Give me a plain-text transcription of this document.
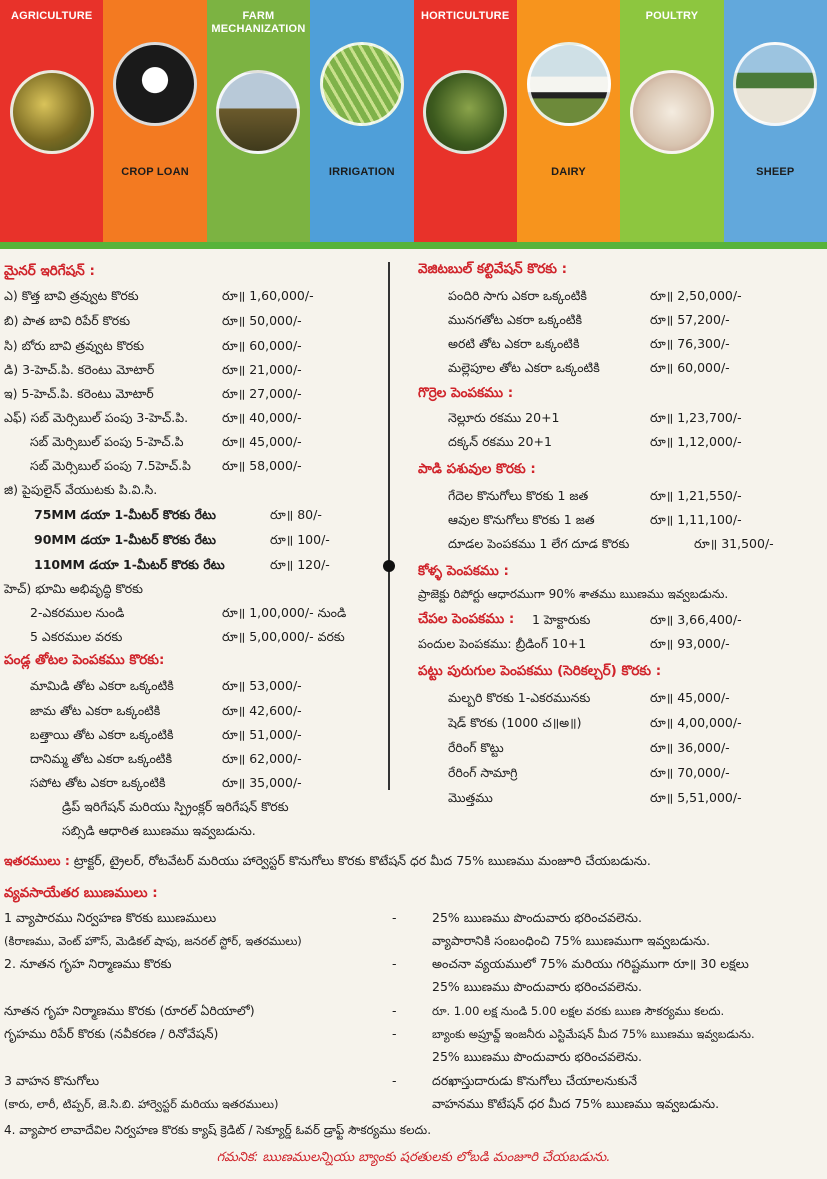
AGRICULTURE
CROP LOAN
FARM MECHANIZATION
IRRIGATION
HORTICULTURE
DAIRY
POULTRY
SHEEP
మైనర్ ఇరిగేషన్ :
ఎ) కొత్త బావి త్రవ్వుట కొరకు	రూ॥ 1,60,000/-
బి) పాత బావి రిపేర్ కొరకు	రూ॥ 50,000/-
సి) బోరు బావి త్రవ్వుట కొరకు	రూ॥ 60,000/-
డి) 3-హెచ్.పి. కరెంటు మోటార్	రూ॥ 21,000/-
ఇ) 5-హెచ్.పి. కరెంటు మోటార్	రూ॥ 27,000/-
ఎఫ్) సబ్ మెర్సిబుల్ పంపు 3-హెచ్.పి.	రూ॥ 40,000/-
సబ్ మెర్సిబుల్ పంపు 5-హెచ్.పి	రూ॥ 45,000/-
సబ్ మెర్సిబుల్ పంపు 7.5హెచ్.పి రూ॥ 58,000/-
జి) పైపులైన్ వేయుటకు పి.వి.సి.
75MM డయా 1-మీటర్ కొరకు రేటు	రూ॥ 80/-
90MM డయా 1-మీటర్ కొరకు రేటు	రూ॥ 100/-
110MM డయా 1-మీటర్ కొరకు రేటు	రూ॥ 120/-
హెచ్) భూమి అభివృద్ధి కొరకు
2-ఎకరముల నుండి	రూ॥ 1,00,000/- నుండి
5 ఎకరముల వరకు	రూ॥ 5,00,000/- వరకు
పండ్ల తోటల పెంపకము కొరకు:
మామిడి తోట ఎకరా ఒక్కంటికి	రూ॥ 53,000/-
జామ తోట ఎకరా ఒక్కంటికి	రూ॥ 42,600/-
బత్తాయి తోట ఎకరా ఒక్కంటికి	రూ॥ 51,000/-
దానిమ్మ తోట ఎకరా ఒక్కంటికి	రూ॥ 62,000/-
సపోట తోట ఎకరా ఒక్కంటికి	రూ॥ 35,000/-
డ్రిప్ ఇరిగేషన్ మరియు స్ప్రింక్లర్ ఇరిగేషన్ కొరకు
సబ్సిడి ఆధారిత ఋణము ఇవ్వబడును.
వెజిటబుల్ కల్టివేషన్ కొరకు :
పందిరి సాగు ఎకరా ఒక్కంటికి	రూ॥ 2,50,000/-
మునగతోట ఎకరా ఒక్కంటికి	రూ॥ 57,200/-
అరటి తోట ఎకరా ఒక్కంటికి	రూ॥ 76,300/-
మల్లెపూల తోట ఎకరా ఒక్కంటికి	రూ॥ 60,000/-
గొర్రెల పెంపకము :
నెల్లూరు రకము 20+1	రూ॥ 1,23,700/-
దక్కన్ రకము 20+1	రూ॥ 1,12,000/-
పాడి పశువుల కొరకు :
గేదెల కొనుగోలు కొరకు 1 జత	రూ॥ 1,21,550/-
ఆవుల కొనుగోలు కొరకు 1 జత	రూ॥ 1,11,100/-
దూడల పెంపకము 1 లేగ దూడ కొరకు	రూ॥ 31,500/-
కోళ్ళ పెంపకము :
ప్రాజెక్టు రిపోర్టు ఆధారముగా 90% శాతము ఋణము ఇవ్వబడును.
చేపల పెంపకము : 1 హెక్టారుకు	రూ॥ 3,66,400/-
పందుల పెంపకము: బ్రీడింగ్ 10+1	రూ॥ 93,000/-
పట్టు పురుగుల పెంపకము (సెరికల్చర్) కొరకు :
మల్బరి కొరకు 1-ఎకరమునకు	రూ॥ 45,000/-
షెడ్ కొరకు (1000 చ॥అ॥)	రూ॥ 4,00,000/-
రేరింగ్ కొట్టు	రూ॥ 36,000/-
రేరింగ్ సామాగ్రి	రూ॥ 70,000/-
మొత్తము	రూ॥ 5,51,000/-
ఇతరములు : ట్రాక్టర్, ట్రైలర్, రోటవేటర్ మరియు హార్వెస్టర్ కొనుగోలు కొరకు కొటేషన్ ధర మీద 75% ఋణము మంజూరి చేయబడును.
వ్యవసాయేతర ఋణములు :
1 వ్యాపారము నిర్వహణ కొరకు ఋణములు	-	25% ఋణము పొందువారు భరించవలెను.
(కిరాణము, వెంట్ హౌస్, మెడికల్ షాపు, జనరల్ స్టోర్, ఇతరములు)	వ్యాపారానికి సంబంధించి 75% ఋణముగా ఇవ్వబడును.
2. నూతన గృహ నిర్మాణము కొరకు	-	అంచనా వ్యయములో 75% మరియు గరిష్టముగా రూ॥ 30 లక్షలు
25% ఋణము పొందువారు భరించవలెను.
నూతన గృహ నిర్మాణము కొరకు (రూరల్ ఏరియాలో)	-	రూ. 1.00 లక్ష నుండి 5.00 లక్షల వరకు ఋణ సౌకర్యము కలదు.
గృహము రిపేర్ కొరకు (నవీకరణ / రినోవేషన్)	-	బ్యాంకు అప్రూవ్డ్ ఇంజనీరు ఎస్టిమేషన్ మీద 75% ఋణము ఇవ్వబడును.
25% ఋణము పొందువారు భరించవలెను.
3 వాహన కొనుగోలు	-	దరఖాస్తుదారుడు కొనుగోలు చేయాలనుకునే
(కారు, లారీ, టిప్పర్, జె.సి.బి. హార్వెస్టర్ మరియు ఇతరములు)	వాహనము కొటేషన్ ధర మీద 75% ఋణము ఇవ్వబడును.
4. వ్యాపార లావాదేవిల నిర్వహణ కొరకు క్యాష్ క్రెడిట్ / సెక్యూర్డ్ ఓవర్ డ్రాఫ్ట్ సౌకర్యము కలదు.
గమనిక: ఋణములన్నియు బ్యాంకు షరతులకు లోబడి మంజూరి చేయబడును.
